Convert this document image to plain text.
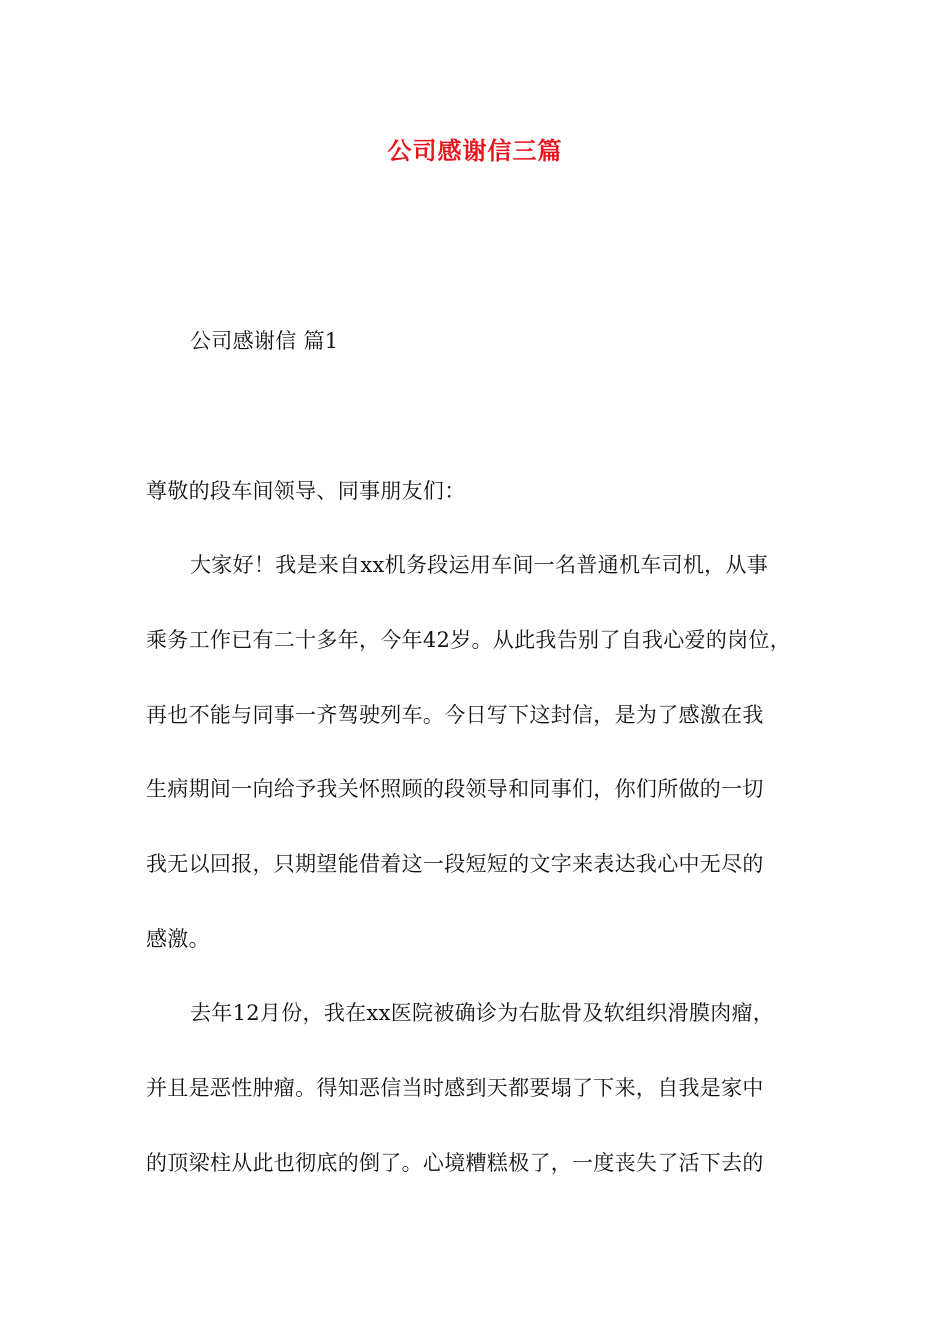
公司感谢信三篇
公司感谢信 篇1
尊敬的段车间领导、同事朋友们：
大家好！我是来自xx机务段运用车间一名普通机车司机，从事
乘务工作已有二十多年，今年42岁。从此我告别了自我心爱的岗位，
再也不能与同事一齐驾驶列车。今日写下这封信，是为了感激在我
生病期间一向给予我关怀照顾的段领导和同事们，你们所做的一切
我无以回报，只期望能借着这一段短短的文字来表达我心中无尽的
感激。
去年12月份，我在xx医院被确诊为右肱骨及软组织滑膜肉瘤，
并且是恶性肿瘤。得知恶信当时感到天都要塌了下来，自我是家中
的顶梁柱从此也彻底的倒了。心境糟糕极了，一度丧失了活下去的
